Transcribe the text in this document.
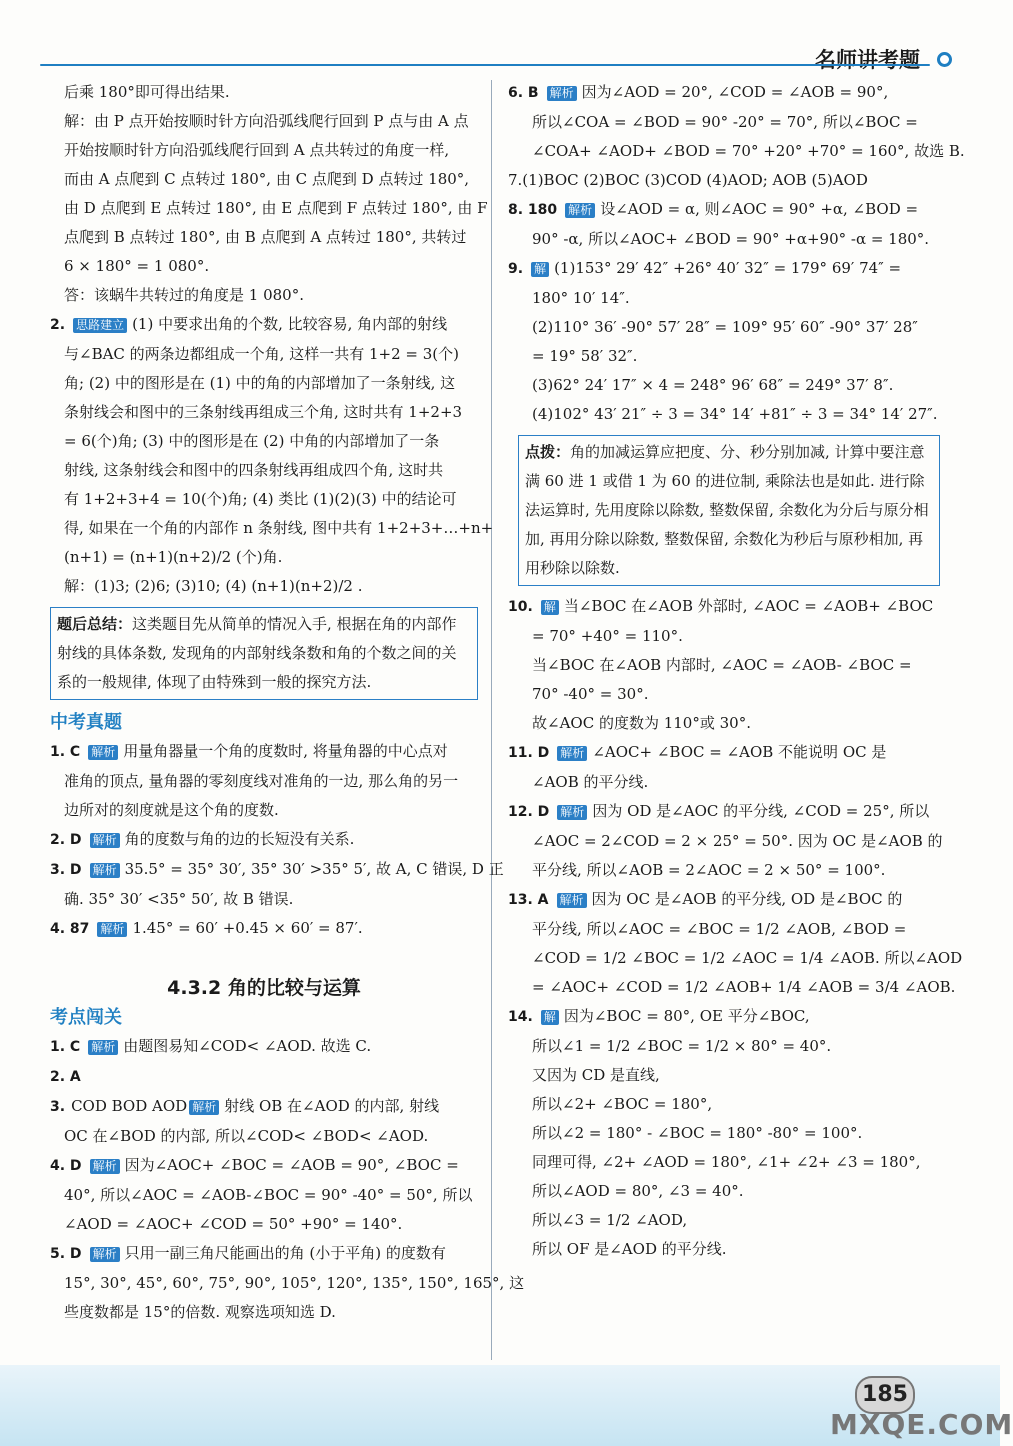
名师讲考题
后乘 180°即可得出结果.
解：由 P 点开始按顺时针方向沿弧线爬行回到 P 点与由 A 点
开始按顺时针方向沿弧线爬行回到 A 点共转过的角度一样,
而由 A 点爬到 C 点转过 180°, 由 C 点爬到 D 点转过 180°,
由 D 点爬到 E 点转过 180°, 由 E 点爬到 F 点转过 180°, 由 F
点爬到 B 点转过 180°, 由 B 点爬到 A 点转过 180°, 共转过
6 × 180° = 1 080°.
答：该蜗牛共转过的角度是 1 080°.
2. 思路建立 (1) 中要求出角的个数, 比较容易, 角内部的射线
与∠BAC 的两条边都组成一个角, 这样一共有 1+2 = 3(个)
角; (2) 中的图形是在 (1) 中的角的内部增加了一条射线, 这
条射线会和图中的三条射线再组成三个角, 这时共有 1+2+3
= 6(个)角; (3) 中的图形是在 (2) 中角的内部增加了一条
射线, 这条射线会和图中的四条射线再组成四个角, 这时共
有 1+2+3+4 = 10(个)角; (4) 类比 (1)(2)(3) 中的结论可
得, 如果在一个角的内部作 n 条射线, 图中共有 1+2+3+…+n+
(n+1) = (n+1)(n+2)/2 (个)角.
解：(1)3; (2)6; (3)10; (4) (n+1)(n+2)/2 .
题后总结：这类题目先从简单的情况入手, 根据在角的内部作射线的具体条数, 发现角的内部射线条数和角的个数之间的关系的一般规律, 体现了由特殊到一般的探究方法.
中考真题
1. C 解析 用量角器量一个角的度数时, 将量角器的中心点对
准角的顶点, 量角器的零刻度线对准角的一边, 那么角的另一
边所对的刻度就是这个角的度数.
2. D 解析 角的度数与角的边的长短没有关系.
3. D 解析 35.5° = 35° 30′, 35° 30′ >35° 5′, 故 A, C 错误, D 正
确. 35° 30′ <35° 50′, 故 B 错误.
4. 87 解析 1.45° = 60′ +0.45 × 60′ = 87′.
4.3.2 角的比较与运算
考点闯关
1. C 解析 由题图易知∠COD< ∠AOD. 故选 C.
2. A
3. COD BOD AOD 解析 射线 OB 在∠AOD 的内部, 射线
OC 在∠BOD 的内部, 所以∠COD< ∠BOD< ∠AOD.
4. D 解析 因为∠AOC+ ∠BOC = ∠AOB = 90°, ∠BOC =
40°, 所以∠AOC = ∠AOB-∠BOC = 90° -40° = 50°, 所以
∠AOD = ∠AOC+ ∠COD = 50° +90° = 140°.
5. D 解析 只用一副三角尺能画出的角 (小于平角) 的度数有
15°, 30°, 45°, 60°, 75°, 90°, 105°, 120°, 135°, 150°, 165°, 这
些度数都是 15°的倍数. 观察选项知选 D.
6. B 解析 因为∠AOD = 20°, ∠COD = ∠AOB = 90°,
所以∠COA = ∠BOD = 90° -20° = 70°, 所以∠BOC =
∠COA+ ∠AOD+ ∠BOD = 70° +20° +70° = 160°, 故选 B.
7.(1)BOC (2)BOC (3)COD (4)AOD; AOB (5)AOD
8. 180 解析 设∠AOD = α, 则∠AOC = 90° +α, ∠BOD =
90° -α, 所以∠AOC+ ∠BOD = 90° +α+90° -α = 180°.
9. 解 (1)153° 29′ 42″ +26° 40′ 32″ = 179° 69′ 74″ =
180° 10′ 14″.
(2)110° 36′ -90° 57′ 28″ = 109° 95′ 60″ -90° 37′ 28″
= 19° 58′ 32″.
(3)62° 24′ 17″ × 4 = 248° 96′ 68″ = 249° 37′ 8″.
(4)102° 43′ 21″ ÷ 3 = 34° 14′ +81″ ÷ 3 = 34° 14′ 27″.
点拨：角的加减运算应把度、分、秒分别加减, 计算中要注意满 60 进 1 或借 1 为 60 的进位制, 乘除法也是如此. 进行除法运算时, 先用度除以除数, 整数保留, 余数化为分后与原分相加, 再用分除以除数, 整数保留, 余数化为秒后与原秒相加, 再用秒除以除数.
10. 解 当∠BOC 在∠AOB 外部时, ∠AOC = ∠AOB+ ∠BOC
= 70° +40° = 110°.
当∠BOC 在∠AOB 内部时, ∠AOC = ∠AOB- ∠BOC =
70° -40° = 30°.
故∠AOC 的度数为 110°或 30°.
11. D 解析 ∠AOC+ ∠BOC = ∠AOB 不能说明 OC 是
∠AOB 的平分线.
12. D 解析 因为 OD 是∠AOC 的平分线, ∠COD = 25°, 所以
∠AOC = 2∠COD = 2 × 25° = 50°. 因为 OC 是∠AOB 的
平分线, 所以∠AOB = 2∠AOC = 2 × 50° = 100°.
13. A 解析 因为 OC 是∠AOB 的平分线, OD 是∠BOC 的
平分线, 所以∠AOC = ∠BOC = 1/2 ∠AOB, ∠BOD =
∠COD = 1/2 ∠BOC = 1/2 ∠AOC = 1/4 ∠AOB. 所以∠AOD
= ∠AOC+ ∠COD = 1/2 ∠AOB+ 1/4 ∠AOB = 3/4 ∠AOB.
14. 解 因为∠BOC = 80°, OE 平分∠BOC,
所以∠1 = 1/2 ∠BOC = 1/2 × 80° = 40°.
又因为 CD 是直线,
所以∠2+ ∠BOC = 180°,
所以∠2 = 180° - ∠BOC = 180° -80° = 100°.
同理可得, ∠2+ ∠AOD = 180°, ∠1+ ∠2+ ∠3 = 180°,
所以∠AOD = 80°, ∠3 = 40°.
所以∠3 = 1/2 ∠AOD,
所以 OF 是∠AOD 的平分线.
185
MXQE.COM
